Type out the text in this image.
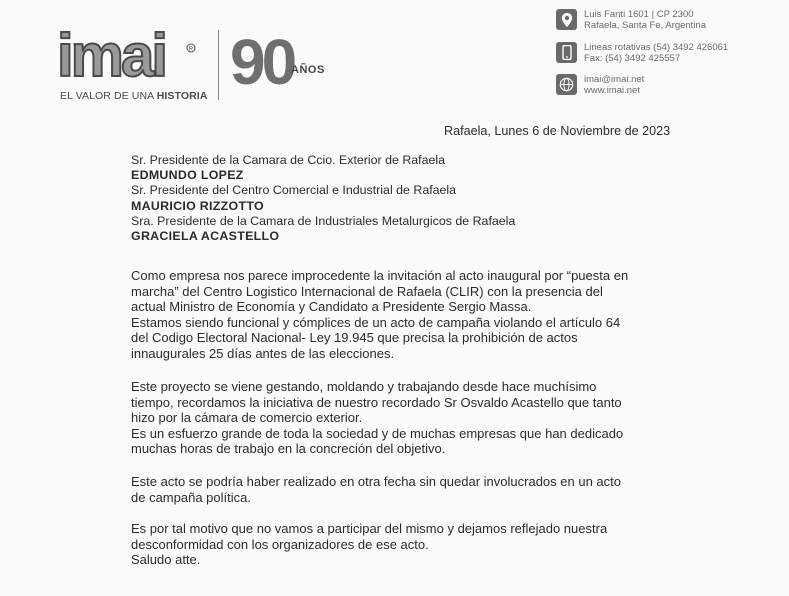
imai	R
EL VALOR DE UNA HISTORIA 90
AÑOS
Luis Fanti 1601 | CP 2300
Rafaela, Santa Fe, Argentina
Lineas rotativas (54) 3492 426061
Fax: (54) 3492 425557
imai@imai.net
www.imai.net
Rafaela, Lunes 6 de Noviembre de 2023
Sr. Presidente de la Camara de Ccio. Exterior de Rafaela
EDMUNDO LOPEZ
Sr. Presidente del Centro Comercial e Industrial de Rafaela
MAURICIO RIZZOTTO
Sra. Presidente de la Camara de Industriales Metalurgicos de Rafaela
GRACIELA ACASTELLO
Como empresa nos parece improcedente la invitación al acto inaugural por “puesta en
marcha” del Centro Logistico Internacional de Rafaela (CLIR) con la presencia del
actual Ministro de Economía y Candidato a Presidente Sergio Massa.
Estamos siendo funcional y cómplices de un acto de campaña violando el artículo 64
del Codigo Electoral Nacional- Ley 19.945 que precisa la prohibición de actos
innaugurales 25 días antes de las elecciones.
Este proyecto se viene gestando, moldando y trabajando desde hace muchísimo
tiempo, recordamos la iniciativa de nuestro recordado Sr Osvaldo Acastello que tanto
hizo por la cámara de comercio exterior.
Es un esfuerzo grande de toda la sociedad y de muchas empresas que han dedicado
muchas horas de trabajo en la concreción del objetivo.
Este acto se podría haber realizado en otra fecha sin quedar involucrados en un acto
de campaña política.
Es por tal motivo que no vamos a participar del mismo y dejamos reflejado nuestra
desconformidad con los organizadores de ese acto.
Saludo atte.
